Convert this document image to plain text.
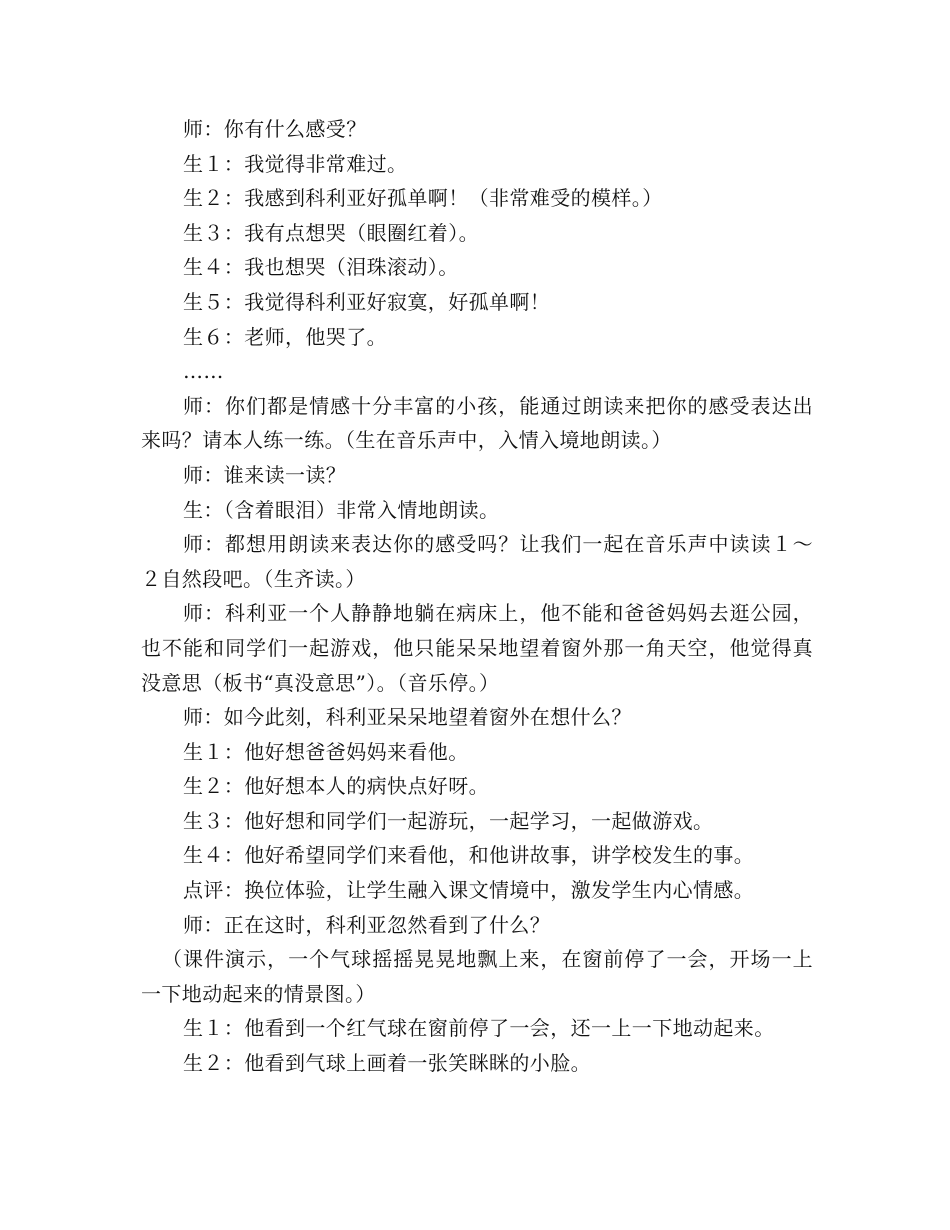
师：你有什么感受？

生１：我觉得非常难过。

生２：我感到科利亚好孤单啊！（非常难受的模样。）

生３：我有点想哭（眼圈红着）。

生４：我也想哭（泪珠滚动）。

生５：我觉得科利亚好寂寞，好孤单啊！

生６：老师，他哭了。

……

师：你们都是情感十分丰富的小孩，能通过朗读来把你的感受表达出来吗？请本人练一练。（生在音乐声中，入情入境地朗读。）

师：谁来读一读？

生：（含着眼泪）非常入情地朗读。

师：都想用朗读来表达你的感受吗？让我们一起在音乐声中读读１～２自然段吧。（生齐读。）

师：科利亚一个人静静地躺在病床上，他不能和爸爸妈妈去逛公园，也不能和同学们一起游戏，他只能呆呆地望着窗外那一角天空，他觉得真没意思（板书“真没意思”）。（音乐停。）

师：如今此刻，科利亚呆呆地望着窗外在想什么？

生１：他好想爸爸妈妈来看他。

生２：他好想本人的病快点好呀。

生３：他好想和同学们一起游玩，一起学习，一起做游戏。

生４：他好希望同学们来看他，和他讲故事，讲学校发生的事。

点评：换位体验，让学生融入课文情境中，激发学生内心情感。

师：正在这时，科利亚忽然看到了什么？

（课件演示，一个气球摇摇晃晃地飘上来，在窗前停了一会，开场一上一下地动起来的情景图。）

生１：他看到一个红气球在窗前停了一会，还一上一下地动起来。

生２：他看到气球上画着一张笑眯眯的小脸。
